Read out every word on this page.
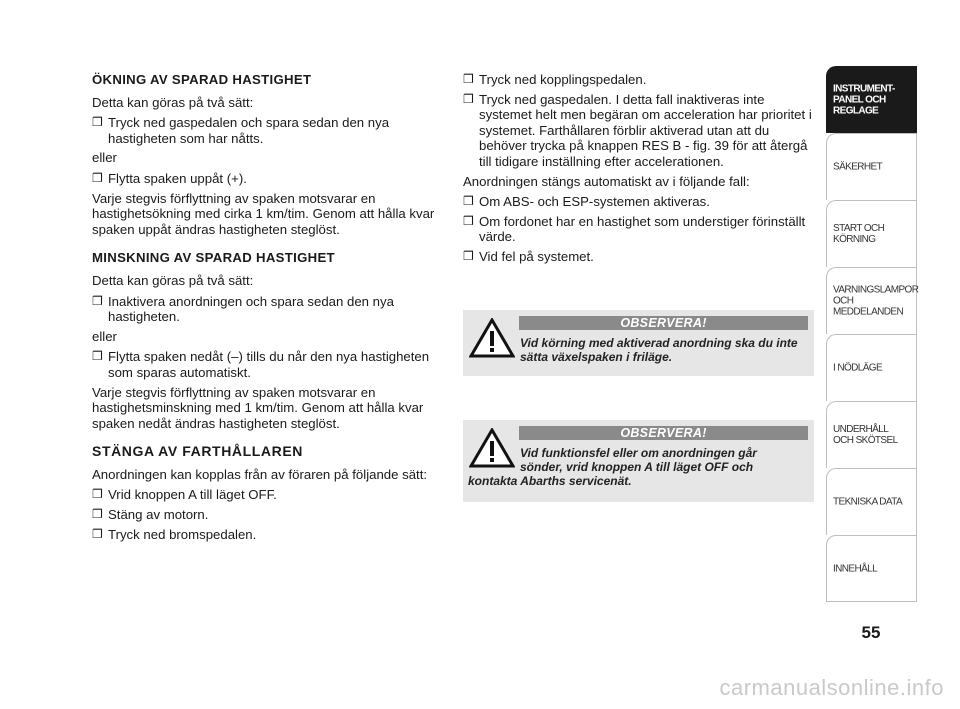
ÖKNING AV SPARAD HASTIGHET
Detta kan göras på två sätt:
❒ Tryck ned gaspedalen och spara sedan den nya hastigheten som har nåtts.
eller
❒ Flytta spaken uppåt (+).
Varje stegvis förflyttning av spaken motsvarar en hastighetsökning med cirka 1 km/tim. Genom att hålla kvar spaken uppåt ändras hastigheten steglöst.
MINSKNING AV SPARAD HASTIGHET
Detta kan göras på två sätt:
❒ Inaktivera anordningen och spara sedan den nya hastigheten.
eller
❒ Flytta spaken nedåt (–) tills du når den nya hastigheten som sparas automatiskt.
Varje stegvis förflyttning av spaken motsvarar en hastighetsminskning med 1 km/tim. Genom att hålla kvar spaken nedåt ändras hastigheten steglöst.
STÄNGA AV FARTHÅLLAREN
Anordningen kan kopplas från av föraren på följande sätt:
❒ Vrid knoppen A till läget OFF.
❒ Stäng av motorn.
❒ Tryck ned bromspedalen.
❒ Tryck ned kopplingspedalen.
❒ Tryck ned gaspedalen. I detta fall inaktiveras inte systemet helt men begäran om acceleration har prioritet i systemet. Farthållaren förblir aktiverad utan att du behöver trycka på knappen RES B - fig. 39 för att återgå till tidigare inställning efter accelerationen.
Anordningen stängs automatiskt av i följande fall:
❒ Om ABS- och ESP-systemen aktiveras.
❒ Om fordonet har en hastighet som understiger förinställt värde.
❒ Vid fel på systemet.
OBSERVERA!
Vid körning med aktiverad anordning ska du inte sätta växelspaken i friläge.
OBSERVERA!
Vid funktionsfel eller om anordningen går sönder, vrid knoppen A till läget OFF och
kontakta Abarths servicenät.
INSTRUMENT-
PANEL OCH
REGLAGE
SÄKERHET
START OCH
KÖRNING
VARNINGSLAMPOR
OCH
MEDDELANDEN
I NÖDLÄGE
UNDERHÅLL
OCH SKÖTSEL
TEKNISKA DATA
INNEHÅLL
55
carmanualsonline.info
